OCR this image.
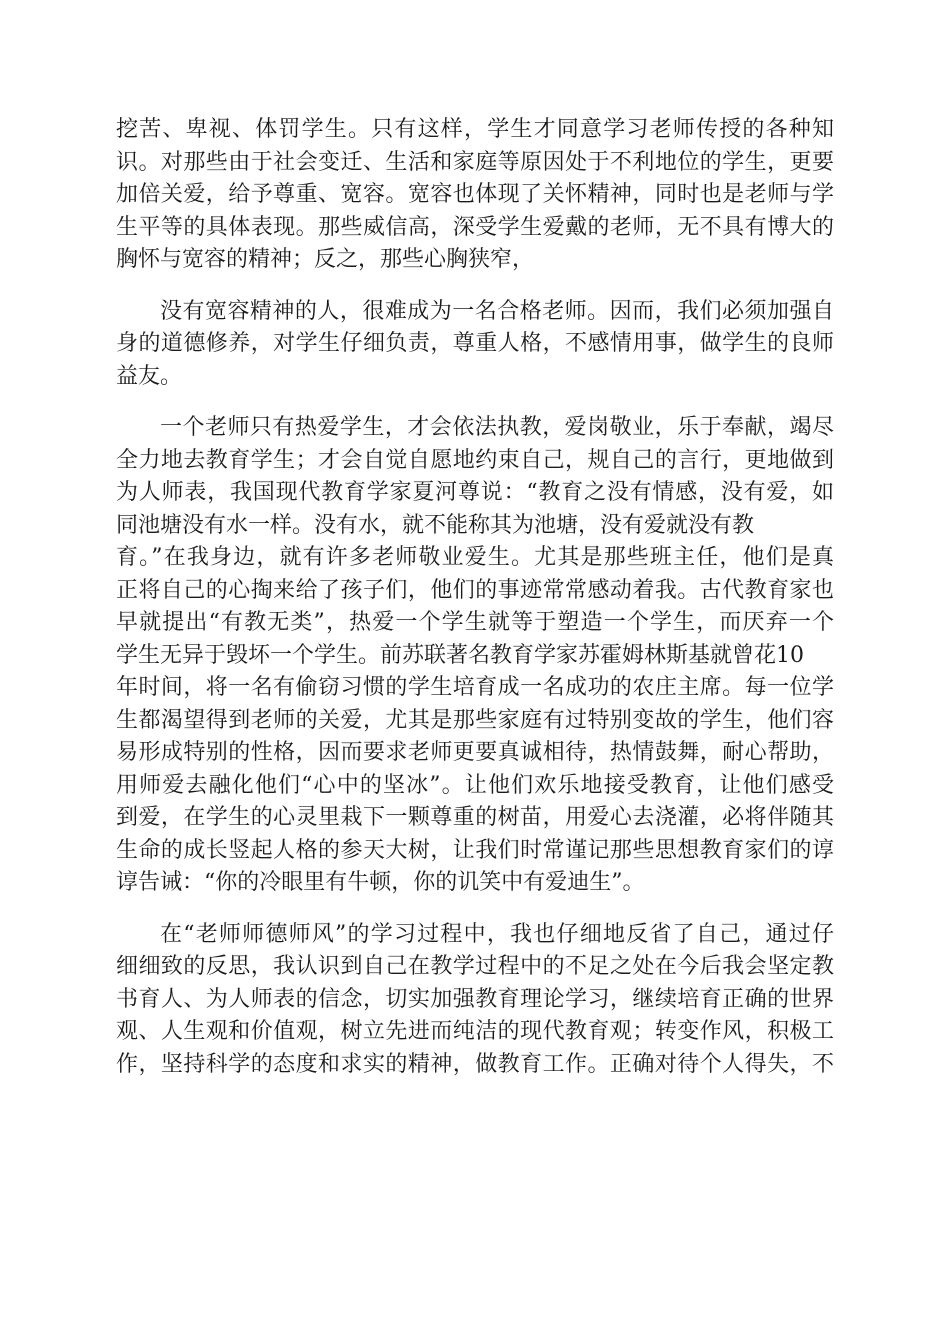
挖苦、卑视、体罚学生。只有这样，学生才同意学习老师传授的各种知
识。对那些由于社会变迁、生活和家庭等原因处于不利地位的学生，更要
加倍关爱，给予尊重、宽容。宽容也体现了关怀精神，同时也是老师与学
生平等的具体表现。那些威信高，深受学生爱戴的老师，无不具有博大的
胸怀与宽容的精神；反之，那些心胸狭窄，
没有宽容精神的人，很难成为一名合格老师。因而，我们必须加强自
身的道德修养，对学生仔细负责，尊重人格，不感情用事，做学生的良师
益友。
一个老师只有热爱学生，才会依法执教，爱岗敬业，乐于奉献，竭尽
全力地去教育学生；才会自觉自愿地约束自己，规自己的言行，更地做到
为人师表，我国现代教育学家夏河尊说：“教育之没有情感，没有爱，如
同池塘没有水一样。没有水，就不能称其为池塘，没有爱就没有教
育。”在我身边，就有许多老师敬业爱生。尤其是那些班主任，他们是真
正将自己的心掏来给了孩子们，他们的事迹常常感动着我。古代教育家也
早就提出“有教无类”，热爱一个学生就等于塑造一个学生，而厌弃一个
学生无异于毁坏一个学生。前苏联著名教育学家苏霍姆林斯基就曾花10
年时间，将一名有偷窃习惯的学生培育成一名成功的农庄主席。每一位学
生都渴望得到老师的关爱，尤其是那些家庭有过特别变故的学生，他们容
易形成特别的性格，因而要求老师更要真诚相待，热情鼓舞，耐心帮助，
用师爱去融化他们“心中的坚冰”。让他们欢乐地接受教育，让他们感受
到爱，在学生的心灵里栽下一颗尊重的树苗，用爱心去浇灌，必将伴随其
生命的成长竖起人格的参天大树，让我们时常谨记那些思想教育家们的谆
谆告诫：“你的冷眼里有牛顿，你的讥笑中有爱迪生”。
在“老师师德师风”的学习过程中，我也仔细地反省了自己，通过仔
细细致的反思，我认识到自己在教学过程中的不足之处在今后我会坚定教
书育人、为人师表的信念，切实加强教育理论学习，继续培育正确的世界
观、人生观和价值观，树立先进而纯洁的现代教育观；转变作风，积极工
作，坚持科学的态度和求实的精神，做教育工作。正确对待个人得失，不
